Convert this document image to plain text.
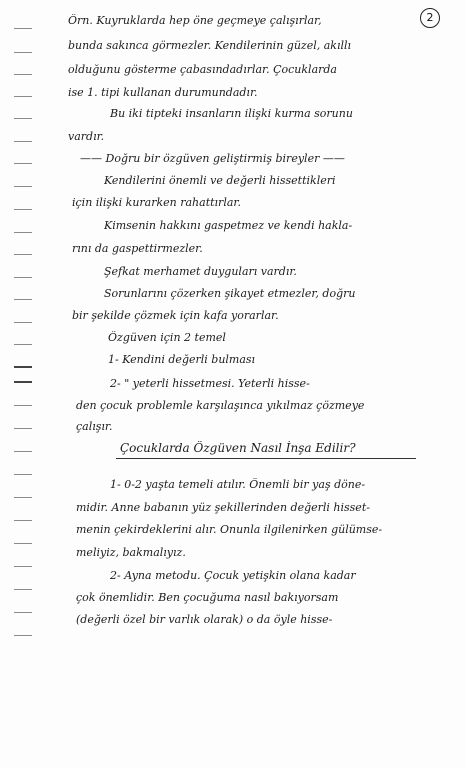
2
Örn. Kuyruklarda hep öne geçmeye çalışırlar,
bunda sakınca görmezler. Kendilerinin güzel, akıllı
olduğunu gösterme çabasındadırlar. Çocuklarda
ise 1. tipi kullanan durumundadır.
Bu iki tipteki insanların ilişki kurma sorunu
vardır.
—— Doğru bir özgüven geliştirmiş bireyler ——
Kendilerini önemli ve değerli hissettikleri
için ilişki kurarken rahattırlar.
Kimsenin hakkını gaspetmez ve kendi hakla-
rını da gaspettirmezler.
Şefkat merhamet duyguları vardır.
Sorunlarını çözerken şikayet etmezler, doğru
bir şekilde çözmek için kafa yorarlar.
Özgüven için 2 temel
1- Kendini değerli bulması
2- " yeterli hissetmesi. Yeterli hisse-
den çocuk problemle karşılaşınca yıkılmaz çözmeye
çalışır.
Çocuklarda Özgüven Nasıl İnşa Edilir?
1- 0-2 yaşta temeli atılır. Önemli bir yaş döne-
midir. Anne babanın yüz şekillerinden değerli hisset-
menin çekirdeklerini alır. Onunla ilgilenirken gülümse-
meliyiz, bakmalıyız.
2- Ayna metodu. Çocuk yetişkin olana kadar
çok önemlidir. Ben çocuğuma nasıl bakıyorsam
(değerli özel bir varlık olarak) o da öyle hisse-
